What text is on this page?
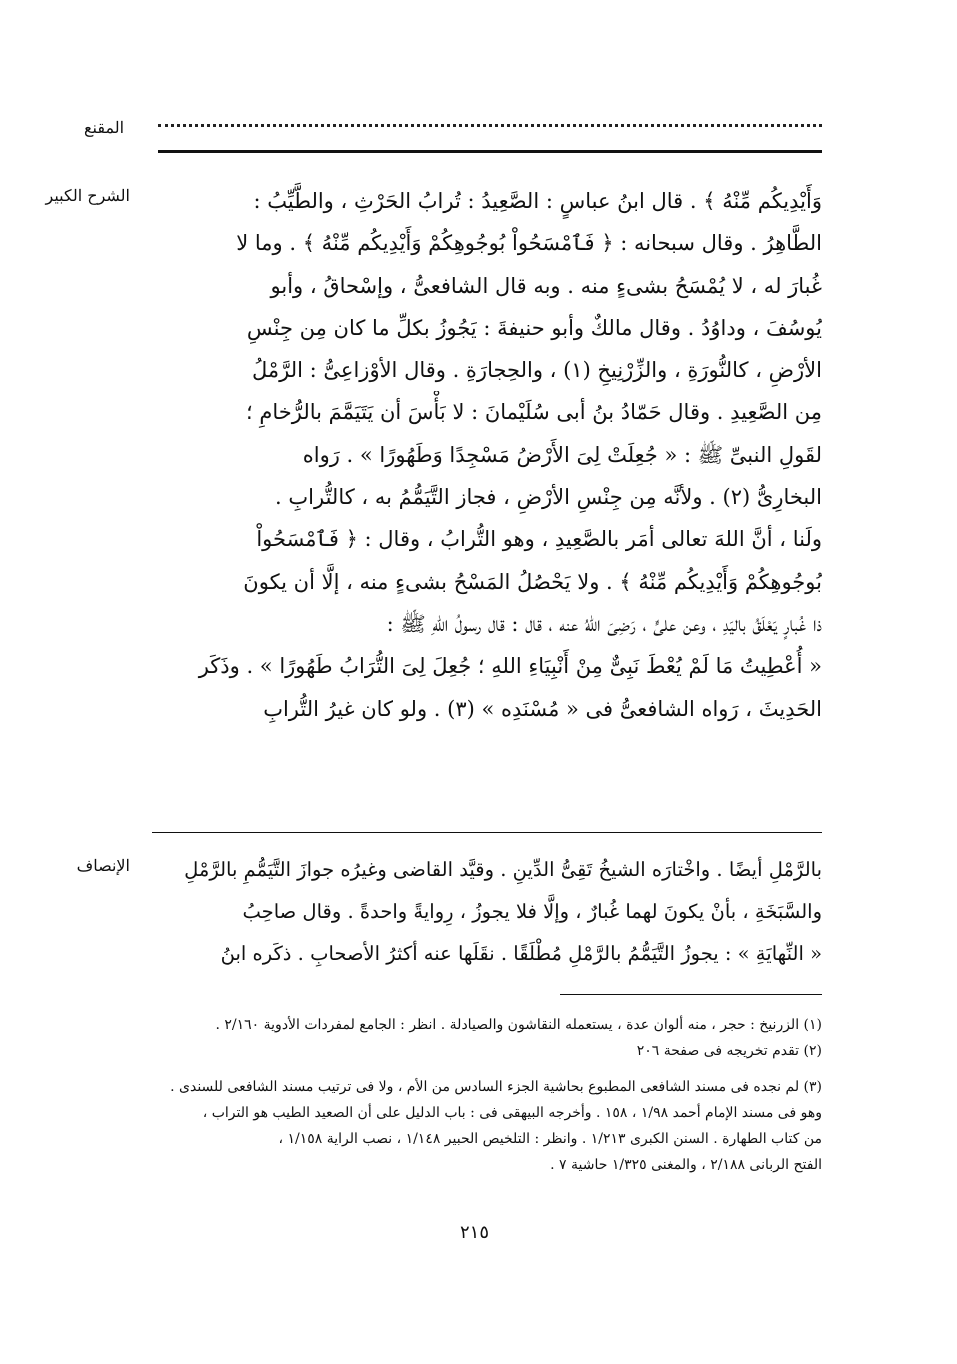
المقنع
الشرح الكبير
الإنصاف
وَأَيْدِيكُم مِّنْهُ ﴾ . قال ابنُ عباسٍ : الصَّعِيدُ : تُرابُ الحَرْثِ ، والطَّيِّبُ :
الطَّاهِرُ . وقال سبحانه : ﴿ فَٱمْسَحُواْ بُوجُوهِكُمْ وَأَيْدِيكُم مِّنْهُ ﴾ . وما لا
غُبارَ له ، لا يُمْسَحُ بشىءٍ منه . وبه قال الشافعىُّ ، وإسْحاقُ ، وأبو
يُوسُفَ ، وداوُدُ . وقال مالكٌ وأبو حنيفةَ : يَجُوزُ بكلِّ ما كان مِن جِنْسِ
الأرْضِ ، كالنُّورَةِ ، والزِّرْنِيخِ (١) ، والحِجارَةِ . وقال الأوْزاعِىُّ : الرَّمْلُ
مِن الصَّعِيدِ . وقال حَمّادُ بنُ أبى سُلَيْمانَ : لا بَأْسَ أن يَتَيَمَّمَ بالرُّخامِ ؛
لقَولِ النبىِّ ﷺ : « جُعِلَتْ لِىَ الأَرْضُ مَسْجِدًا وَطَهُورًا » . رَواه
البخارِىُّ (٢) . ولأنَّه مِن جِنْسِ الأرْضِ ، فجاز التَّيَمُّمُ به ، كالتُّرابِ .
ولَنا ، أنَّ اللهَ تعالى أمَر بالصَّعِيدِ ، وهو التُّرابُ ، وقال : ﴿ فَٱمْسَحُواْ
بُوجُوهِكُمْ وَأَيْدِيكُم مِّنْهُ ﴾ . ولا يَحْصُلُ المَسْحُ بشىءٍ منه ، إلَّا أن يكونَ
ذا غُبارٍ يَعْلَقُ باليَدِ ، وعن علىٍّ ، رَضِىَ اللهُ عنه ، قال : قال رسولُ اللهِ ﷺ :
« أُعْطِيتُ مَا لَمْ يُعْطَ نَبِىٌّ مِنْ أَنْبِيَاءِ اللهِ ؛ جُعِلَ لِىَ التُّرَابُ طَهُورًا » . وذَكَر
الحَدِيثَ ، رَواه الشافعىُّ فى « مُسْنَدِه » (٣) . ولو كان غيرُ التُّرابِ
بالرَّمْلِ أيضًا . واخْتارَه الشيخُ تَقِىُّ الدِّينِ . وقيَّد القاضى وغيرُه جوازَ التَّيَمُّمِ بالرَّمْلِ
والسَّبَخَةِ ، بأنْ يكونَ لهما غُبارٌ ، وإلَّا فلا يجوزُ ، رِوايةً واحدةً . وقال صاحِبُ
« النِّهايَةِ » : يجوزُ التَّيَمُّمُ بالرَّمْلِ مُطْلَقًا . نقَلَها عنه أكثرُ الأصحابِ . ذكَره ابنُ
(١) الزرنيخ : حجر ، منه ألوان عدة ، يستعمله النقاشون والصيادلة . انظر : الجامع لمفردات الأدوية ٢/١٦٠ .
(٢) تقدم تخريجه فى صفحة ٢٠٦
(٣) لم نجده فى مسند الشافعى المطبوع بحاشية الجزء السادس من الأم ، ولا فى ترتيب مسند الشافعى للسندى .
وهو فى مسند الإمام أحمد ١/٩٨ ، ١٥٨ . وأخرجه البيهقى فى : باب الدليل على أن الصعيد الطيب هو التراب ،
من كتاب الطهارة . السنن الكبرى ١/٢١٣ . وانظر : التلخيص الحبير ١/١٤٨ ، نصب الراية ١/١٥٨ ،
الفتح الربانى ٢/١٨٨ ، والمغنى ١/٣٢٥ حاشية ٧ .
٢١٥
